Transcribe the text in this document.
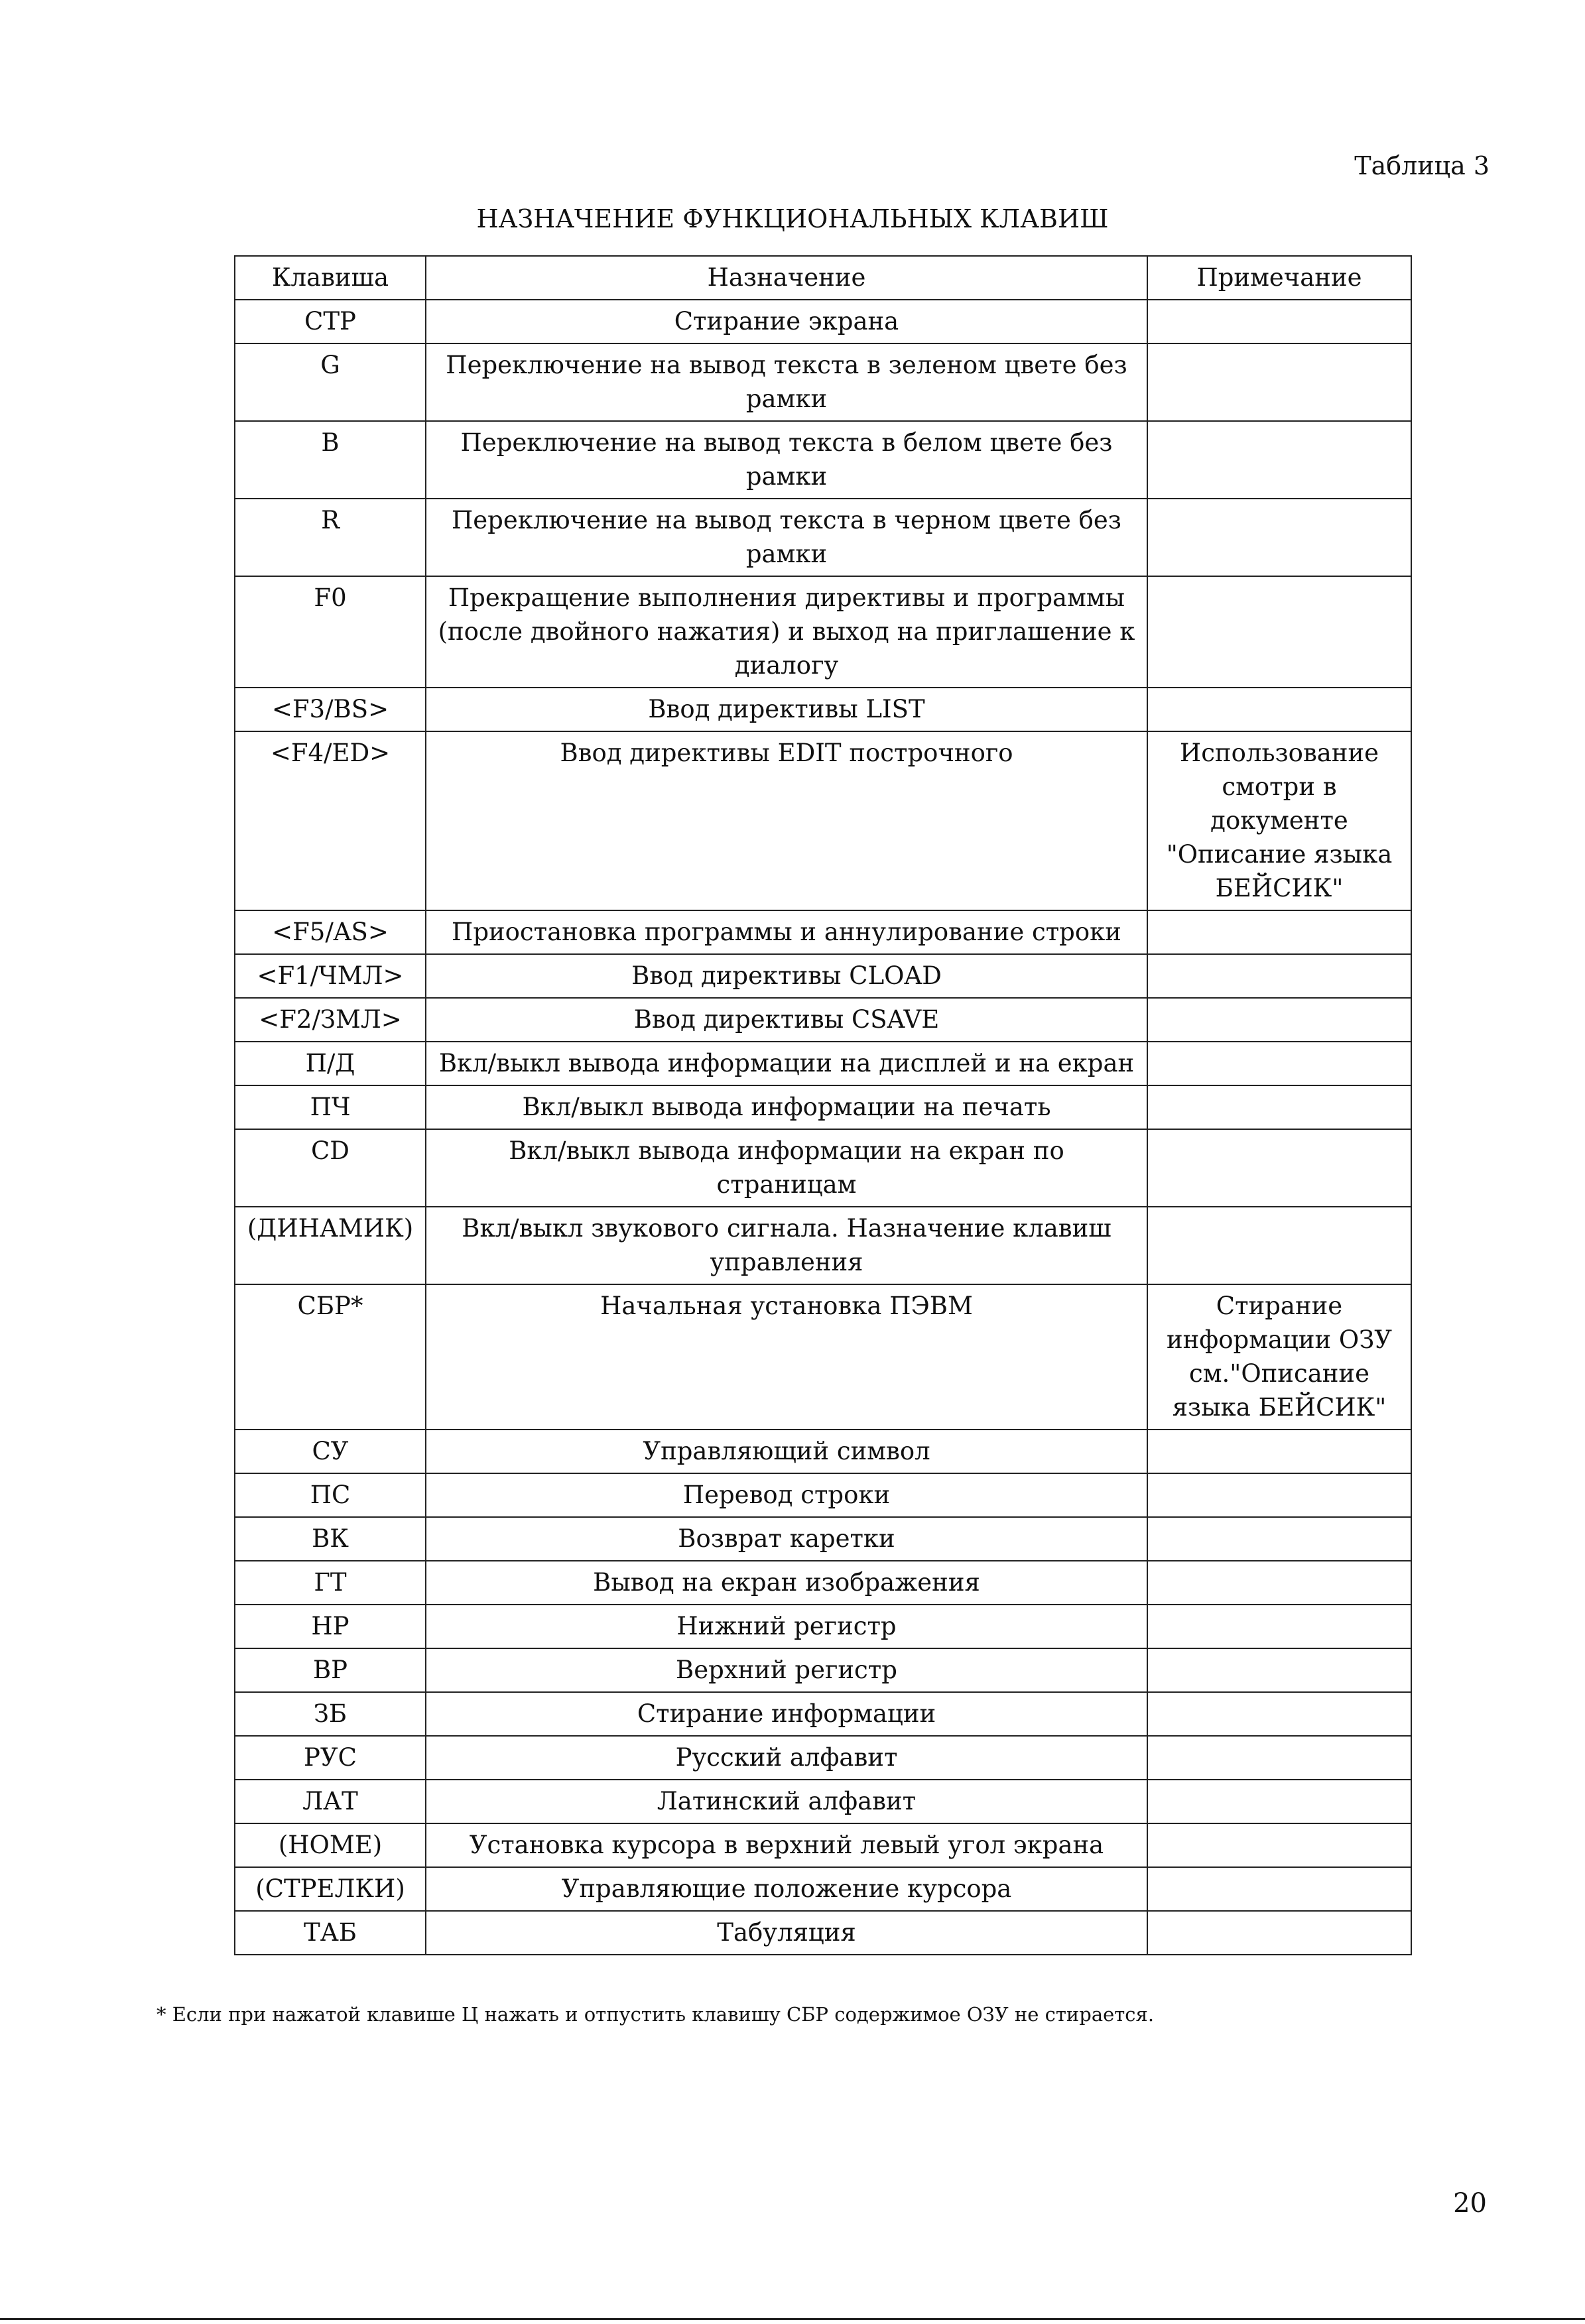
Таблица 3
НАЗНАЧЕНИЕ ФУНКЦИОНАЛЬНЫХ КЛАВИШ
Клавиша	Назначение	Примечание
СТР	Стирание экрана	
G	Переключение на вывод текста в зеленом цвете без рамки	
B	Переключение на вывод текста в белом цвете без рамки	
R	Переключение на вывод текста в черном цвете без рамки	
F0	Прекращение выполнения директивы и программы (после двойного нажатия) и выход на приглашение к диалогу	
<F3/BS>	Ввод директивы LIST	
<F4/ED>	Ввод директивы EDIT построчного	Использование смотри в документе "Описание языка БЕЙСИК"
<F5/AS>	Приостановка программы и аннулирование строки	
<F1/ЧМЛ>	Ввод директивы CLOAD	
<F2/ЗМЛ>	Ввод директивы CSAVE	
П/Д	Вкл/выкл вывода информации на дисплей и на екран	
ПЧ	Вкл/выкл вывода информации на печать	
CD	Вкл/выкл вывода информации на екран по страницам	
(ДИНАМИК)	Вкл/выкл звукового сигнала. Назначение клавиш управления	
СБР*	Начальная установка ПЭВМ	Стирание информации ОЗУ см."Описание языка БЕЙСИК"
СУ	Управляющий символ	
ПС	Перевод строки	
ВК	Возврат каретки	
ГТ	Вывод на екран изображения	
НР	Нижний регистр	
ВР	Верхний регистр	
ЗБ	Стирание информации	
РУС	Русский алфавит	
ЛАТ	Латинский алфавит	
(HOME)	Установка курсора в верхний левый угол экрана	
(СТРЕЛКИ)	Управляющие положение курсора	
ТАБ	Табуляция	
* Если при нажатой клавише Ц нажать и отпустить клавишу СБР содержимое ОЗУ не стирается.
20
